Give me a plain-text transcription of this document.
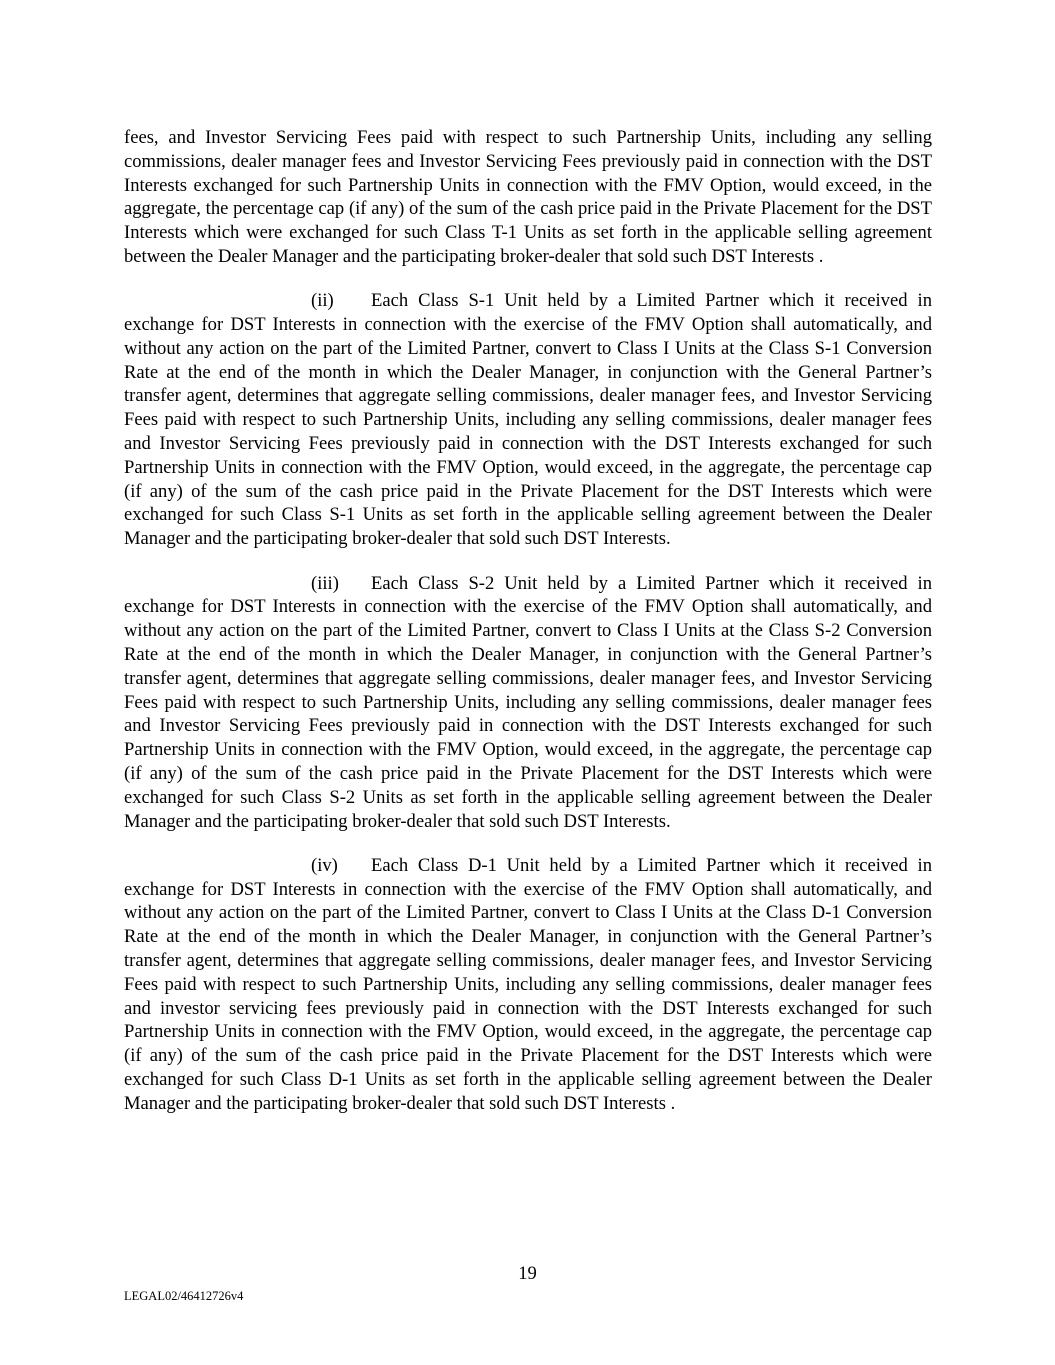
fees, and Investor Servicing Fees paid with respect to such Partnership Units, including any selling commissions, dealer manager fees and Investor Servicing Fees previously paid in connection with the DST Interests exchanged for such Partnership Units in connection with the FMV Option, would exceed, in the aggregate, the percentage cap (if any) of the sum of the cash price paid in the Private Placement for the DST Interests which were exchanged for such Class T-1 Units as set forth in the applicable selling agreement between the Dealer Manager and the participating broker-dealer that sold such DST Interests .

(ii) Each Class S-1 Unit held by a Limited Partner which it received in exchange for DST Interests in connection with the exercise of the FMV Option shall automatically, and without any action on the part of the Limited Partner, convert to Class I Units at the Class S-1 Conversion Rate at the end of the month in which the Dealer Manager, in conjunction with the General Partner’s transfer agent, determines that aggregate selling commissions, dealer manager fees, and Investor Servicing Fees paid with respect to such Partnership Units, including any selling commissions, dealer manager fees and Investor Servicing Fees previously paid in connection with the DST Interests exchanged for such Partnership Units in connection with the FMV Option, would exceed, in the aggregate, the percentage cap (if any) of the sum of the cash price paid in the Private Placement for the DST Interests which were exchanged for such Class S-1 Units as set forth in the applicable selling agreement between the Dealer Manager and the participating broker-dealer that sold such DST Interests.

(iii) Each Class S-2 Unit held by a Limited Partner which it received in exchange for DST Interests in connection with the exercise of the FMV Option shall automatically, and without any action on the part of the Limited Partner, convert to Class I Units at the Class S-2 Conversion Rate at the end of the month in which the Dealer Manager, in conjunction with the General Partner’s transfer agent, determines that aggregate selling commissions, dealer manager fees, and Investor Servicing Fees paid with respect to such Partnership Units, including any selling commissions, dealer manager fees and Investor Servicing Fees previously paid in connection with the DST Interests exchanged for such Partnership Units in connection with the FMV Option, would exceed, in the aggregate, the percentage cap (if any) of the sum of the cash price paid in the Private Placement for the DST Interests which were exchanged for such Class S-2 Units as set forth in the applicable selling agreement between the Dealer Manager and the participating broker-dealer that sold such DST Interests.

(iv) Each Class D-1 Unit held by a Limited Partner which it received in exchange for DST Interests in connection with the exercise of the FMV Option shall automatically, and without any action on the part of the Limited Partner, convert to Class I Units at the Class D-1 Conversion Rate at the end of the month in which the Dealer Manager, in conjunction with the General Partner’s transfer agent, determines that aggregate selling commissions, dealer manager fees, and Investor Servicing Fees paid with respect to such Partnership Units, including any selling commissions, dealer manager fees and investor servicing fees previously paid in connection with the DST Interests exchanged for such Partnership Units in connection with the FMV Option, would exceed, in the aggregate, the percentage cap (if any) of the sum of the cash price paid in the Private Placement for the DST Interests which were exchanged for such Class D-1 Units as set forth in the applicable selling agreement between the Dealer Manager and the participating broker-dealer that sold such DST Interests .

19
LEGAL02/46412726v4
